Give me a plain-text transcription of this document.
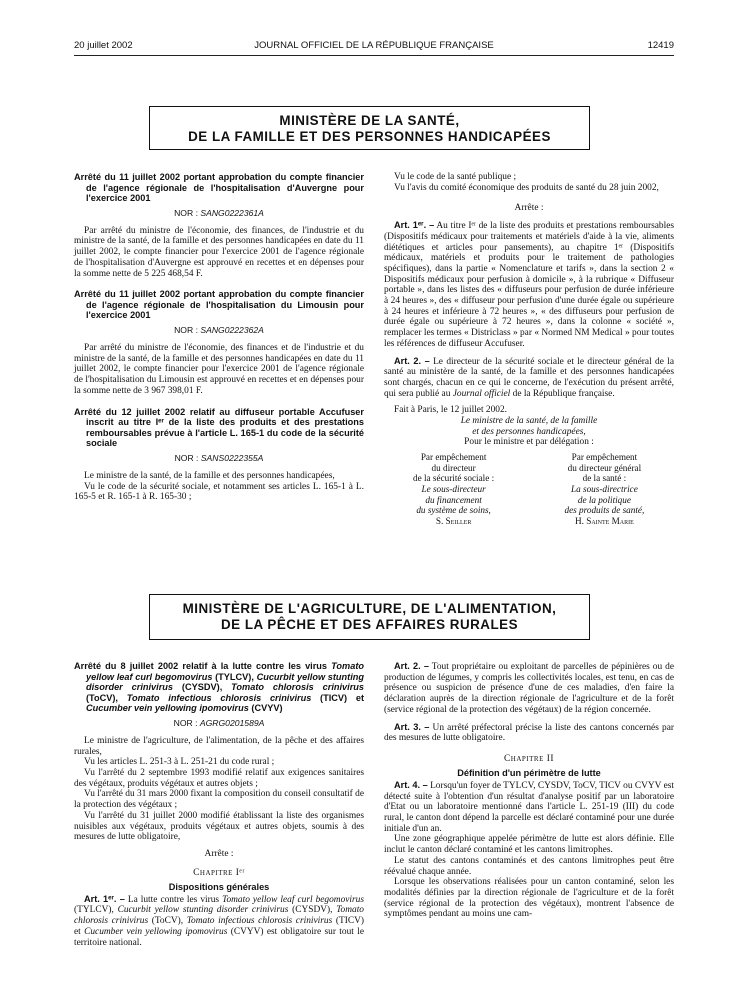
20 juillet 2002	JOURNAL OFFICIEL DE LA RÉPUBLIQUE FRANÇAISE	12419
MINISTÈRE DE LA SANTÉ,
DE LA FAMILLE ET DES PERSONNES HANDICAPÉES
Arrêté du 11 juillet 2002 portant approbation du compte financier de l'agence régionale de l'hospitalisation d'Auvergne pour l'exercice 2001
NOR : SANG0222361A
Par arrêté du ministre de l'économie, des finances, de l'industrie et du ministre de la santé, de la famille et des personnes handicapées en date du 11 juillet 2002, le compte financier pour l'exercice 2001 de l'agence régionale de l'hospitalisation d'Auvergne est approuvé en recettes et en dépenses pour la somme nette de 5 225 468,54 F.
Arrêté du 11 juillet 2002 portant approbation du compte financier de l'agence régionale de l'hospitalisation du Limousin pour l'exercice 2001
NOR : SANG0222362A
Par arrêté du ministre de l'économie, des finances et de l'industrie et du ministre de la santé, de la famille et des personnes handicapées en date du 11 juillet 2002, le compte financier pour l'exercice 2001 de l'agence régionale de l'hospitalisation du Limousin est approuvé en recettes et en dépenses pour la somme nette de 3 967 398,01 F.
Arrêté du 12 juillet 2002 relatif au diffuseur portable Accufuser inscrit au titre Iᵉʳ de la liste des produits et des prestations remboursables prévue à l'article L. 165-1 du code de la sécurité sociale
NOR : SANS0222355A
Le ministre de la santé, de la famille et des personnes handicapées,
Vu le code de la sécurité sociale, et notamment ses articles L. 165-1 à L. 165-5 et R. 165-1 à R. 165-30 ;
Vu le code de la santé publique ;
Vu l'avis du comité économique des produits de santé du 28 juin 2002,
Arrête :
Art. 1ᵉʳ. – Au titre Iᵉʳ de la liste des produits et prestations remboursables (Dispositifs médicaux pour traitements et matériels d'aide à la vie, aliments diététiques et articles pour pansements), au chapitre 1ᵉʳ (Dispositifs médicaux, matériels et produits pour le traitement de pathologies spécifiques), dans la partie « Nomenclature et tarifs », dans la section 2 « Dispositifs médicaux pour perfusion à domicile », à la rubrique « Diffuseur portable », dans les listes des « diffuseurs pour perfusion de durée inférieure à 24 heures », des « diffuseur pour perfusion d'une durée égale ou supérieure à 24 heures et inférieure à 72 heures », « des diffuseurs pour perfusion de durée égale ou supérieure à 72 heures », dans la colonne « société », remplacer les termes « Districlass » par « Normed NM Medical » pour toutes les références de diffuseur Accufuser.
Art. 2. – Le directeur de la sécurité sociale et le directeur général de la santé au ministère de la santé, de la famille et des personnes handicapées sont chargés, chacun en ce qui le concerne, de l'exécution du présent arrêté, qui sera publié au Journal officiel de la République française.
Fait à Paris, le 12 juillet 2002.
Le ministre de la santé, de la famille
et des personnes handicapées,
Pour le ministre et par délégation :
Par empêchement
du directeur
de la sécurité sociale :
Le sous-directeur
du financement
du système de soins,
S. Seiller
Par empêchement
du directeur général
de la santé :
La sous-directrice
de la politique
des produits de santé,
H. Sainte Marie
MINISTÈRE DE L'AGRICULTURE, DE L'ALIMENTATION,
DE LA PÊCHE ET DES AFFAIRES RURALES
Arrêté du 8 juillet 2002 relatif à la lutte contre les virus Tomato yellow leaf curl begomovirus (TYLCV), Cucurbit yellow stunting disorder crinivirus (CYSDV), Tomato chlorosis crinivirus (ToCV), Tomato infectious chlorosis crinivirus (TICV) et Cucumber vein yellowing ipomovirus (CVYV)
NOR : AGRG0201589A
Le ministre de l'agriculture, de l'alimentation, de la pêche et des affaires rurales,
Vu les articles L. 251-3 à L. 251-21 du code rural ;
Vu l'arrêté du 2 septembre 1993 modifié relatif aux exigences sanitaires des végétaux, produits végétaux et autres objets ;
Vu l'arrêté du 31 mars 2000 fixant la composition du conseil consultatif de la protection des végétaux ;
Vu l'arrêté du 31 juillet 2000 modifié établissant la liste des organismes nuisibles aux végétaux, produits végétaux et autres objets, soumis à des mesures de lutte obligatoire,
Arrête :
Chapitre Iᵉʳ
Dispositions générales
Art. 1ᵉʳ. – La lutte contre les virus Tomato yellow leaf curl begomovirus (TYLCV), Cucurbit yellow stunting disorder crinivirus (CYSDV), Tomato chlorosis crinivirus (ToCV), Tomato infectious chlorosis crinivirus (TICV) et Cucumber vein yellowing ipomovirus (CVYV) est obligatoire sur tout le territoire national.
Art. 2. – Tout propriétaire ou exploitant de parcelles de pépinières ou de production de légumes, y compris les collectivités locales, est tenu, en cas de présence ou suspicion de présence d'une de ces maladies, d'en faire la déclaration auprès de la direction régionale de l'agriculture et de la forêt (service régional de la protection des végétaux) de la région concernée.
Art. 3. – Un arrêté préfectoral précise la liste des cantons concernés par des mesures de lutte obligatoire.
Chapitre II
Définition d'un périmètre de lutte
Art. 4. – Lorsqu'un foyer de TYLCV, CYSDV, ToCV, TICV ou CVYV est détecté suite à l'obtention d'un résultat d'analyse positif par un laboratoire d'Etat ou un laboratoire mentionné dans l'article L. 251-19 (III) du code rural, le canton dont dépend la parcelle est déclaré contaminé pour une durée initiale d'un an.
Une zone géographique appelée périmètre de lutte est alors définie. Elle inclut le canton déclaré contaminé et les cantons limitrophes.
Le statut des cantons contaminés et des cantons limitrophes peut être réévalué chaque année.
Lorsque les observations réalisées pour un canton contaminé, selon les modalités définies par la direction régionale de l'agriculture et de la forêt (service régional de la protection des végétaux), montrent l'absence de symptômes pendant au moins une cam-
